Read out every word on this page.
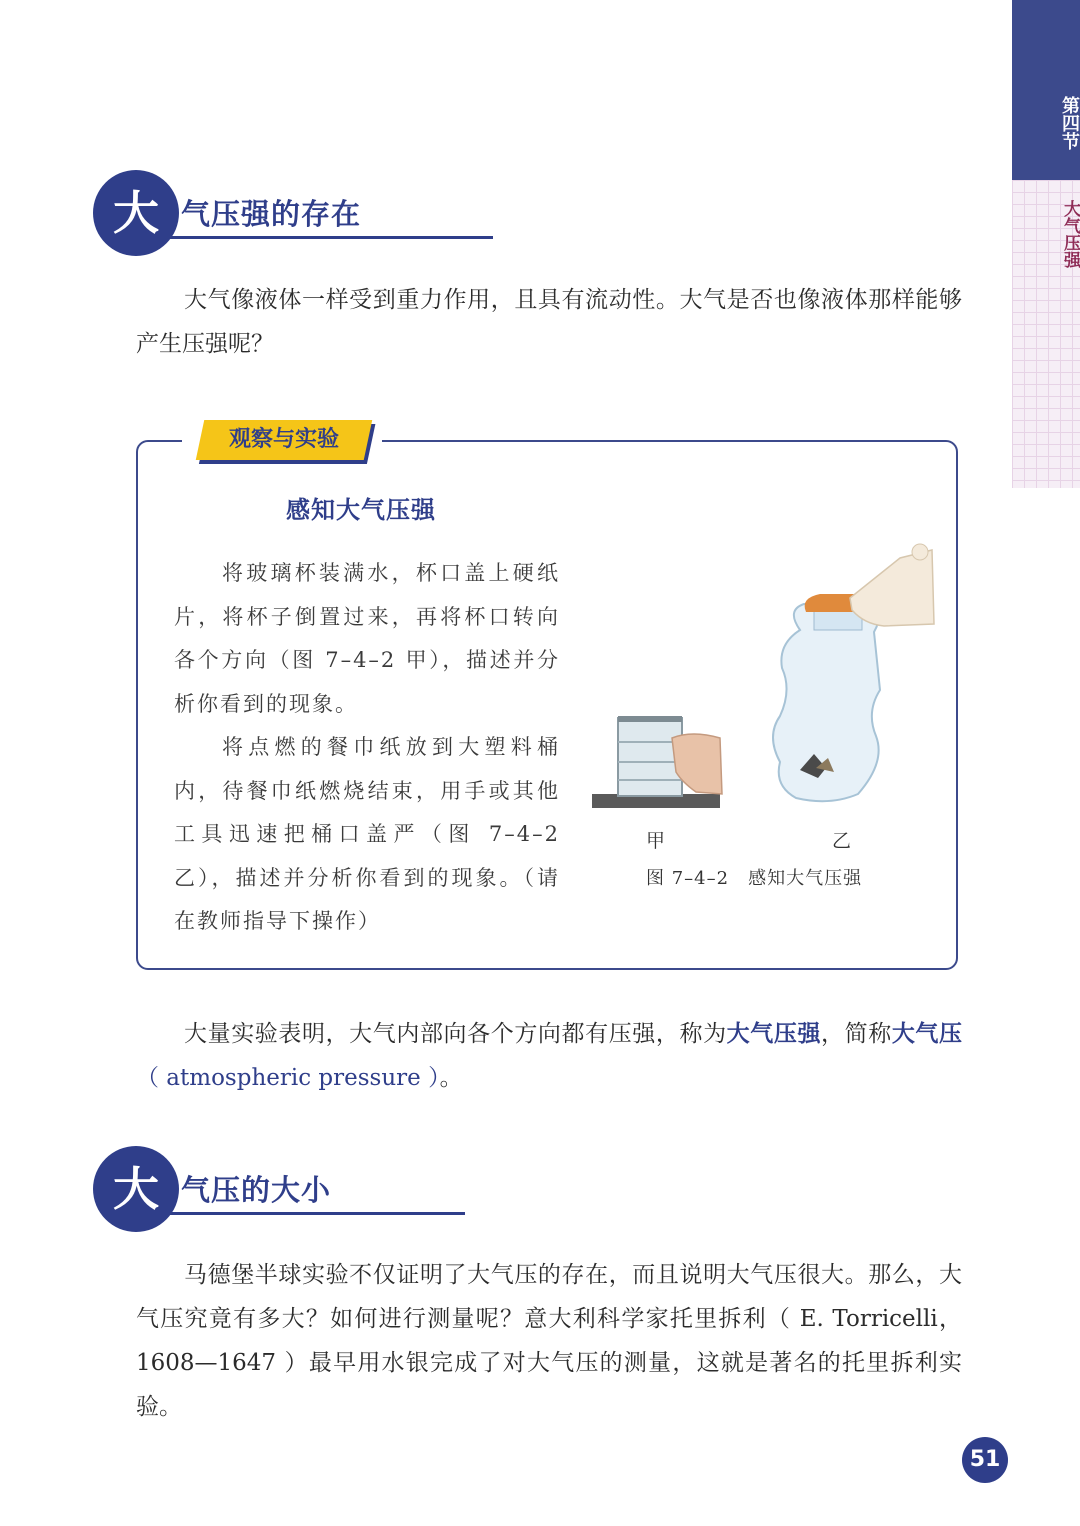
第四节
大气压强
大 气压强的存在

大气像液体一样受到重力作用，且具有流动性。大气是否也像液体那样能够产生压强呢？

观察与实验
感知大气压强

将玻璃杯装满水，杯口盖上硬纸片，将杯子倒置过来，再将杯口转向各个方向（图 7–4–2 甲），描述并分析你看到的现象。

将点燃的餐巾纸放到大塑料桶内，待餐巾纸燃烧结束，用手或其他工具迅速把桶口盖严（图 7–4–2 乙），描述并分析你看到的现象。（请在教师指导下操作）

甲	乙
图 7–4–2　感知大气压强

大量实验表明，大气内部向各个方向都有压强，称为大气压强，简称大气压（ atmospheric pressure ）。

大 气压的大小

马德堡半球实验不仅证明了大气压的存在，而且说明大气压很大。那么，大气压究竟有多大？如何进行测量呢？意大利科学家托里拆利（ E. Torricelli，1608—1647 ）最早用水银完成了对大气压的测量，这就是著名的托里拆利实验。

51
